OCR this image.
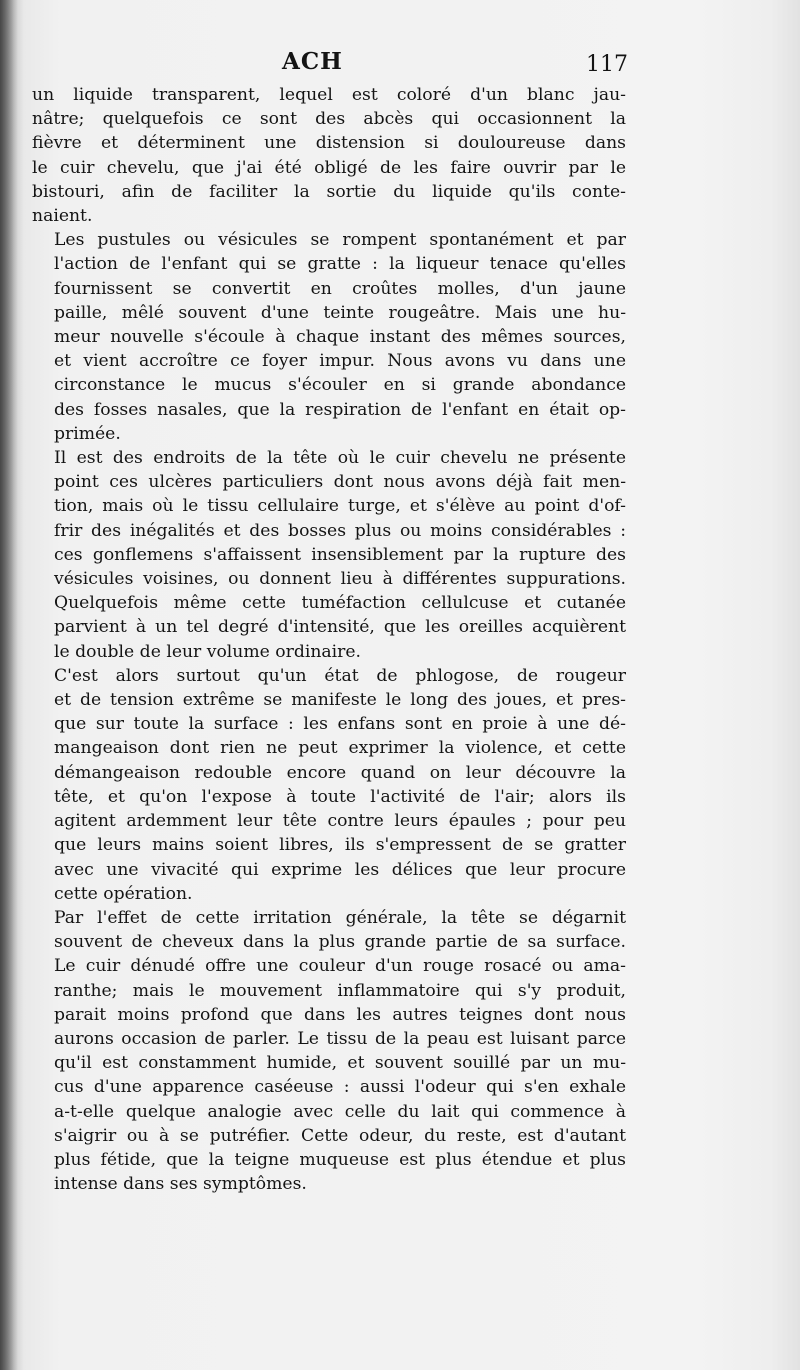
ACH	117
un liquide transparent, lequel est coloré d'un blanc jau-
nâtre; quelquefois ce sont des abcès qui occasionnent la
fièvre et déterminent une distension si douloureuse dans
le cuir chevelu, que j'ai été obligé de les faire ouvrir par le
bistouri, afin de faciliter la sortie du liquide qu'ils conte-
naient.
Les pustules ou vésicules se rompent spontanément et par
l'action de l'enfant qui se gratte : la liqueur tenace qu'elles
fournissent se convertit en croûtes molles, d'un jaune
paille, mêlé souvent d'une teinte rougeâtre. Mais une hu-
meur nouvelle s'écoule à chaque instant des mêmes sources,
et vient accroître ce foyer impur. Nous avons vu dans une
circonstance le mucus s'écouler en si grande abondance
des fosses nasales, que la respiration de l'enfant en était op-
primée.
Il est des endroits de la tête où le cuir chevelu ne présente
point ces ulcères particuliers dont nous avons déjà fait men-
tion, mais où le tissu cellulaire turge, et s'élève au point d'of-
frir des inégalités et des bosses plus ou moins considérables :
ces gonflemens s'affaissent insensiblement par la rupture des
vésicules voisines, ou donnent lieu à différentes suppurations.
Quelquefois même cette tuméfaction cellulcuse et cutanée
parvient à un tel degré d'intensité, que les oreilles acquièrent
le double de leur volume ordinaire.
C'est alors surtout qu'un état de phlogose, de rougeur
et de tension extrême se manifeste le long des joues, et pres-
que sur toute la surface : les enfans sont en proie à une dé-
mangeaison dont rien ne peut exprimer la violence, et cette
démangeaison redouble encore quand on leur découvre la
tête, et qu'on l'expose à toute l'activité de l'air; alors ils
agitent ardemment leur tête contre leurs épaules ; pour peu
que leurs mains soient libres, ils s'empressent de se gratter
avec une vivacité qui exprime les délices que leur procure
cette opération.
Par l'effet de cette irritation générale, la tête se dégarnit
souvent de cheveux dans la plus grande partie de sa surface.
Le cuir dénudé offre une couleur d'un rouge rosacé ou ama-
ranthe; mais le mouvement inflammatoire qui s'y produit,
parait moins profond que dans les autres teignes dont nous
aurons occasion de parler. Le tissu de la peau est luisant parce
qu'il est constamment humide, et souvent souillé par un mu-
cus d'une apparence caséeuse : aussi l'odeur qui s'en exhale
a-t-elle quelque analogie avec celle du lait qui commence à
s'aigrir ou à se putréfier. Cette odeur, du reste, est d'autant
plus fétide, que la teigne muqueuse est plus étendue et plus
intense dans ses symptômes.
